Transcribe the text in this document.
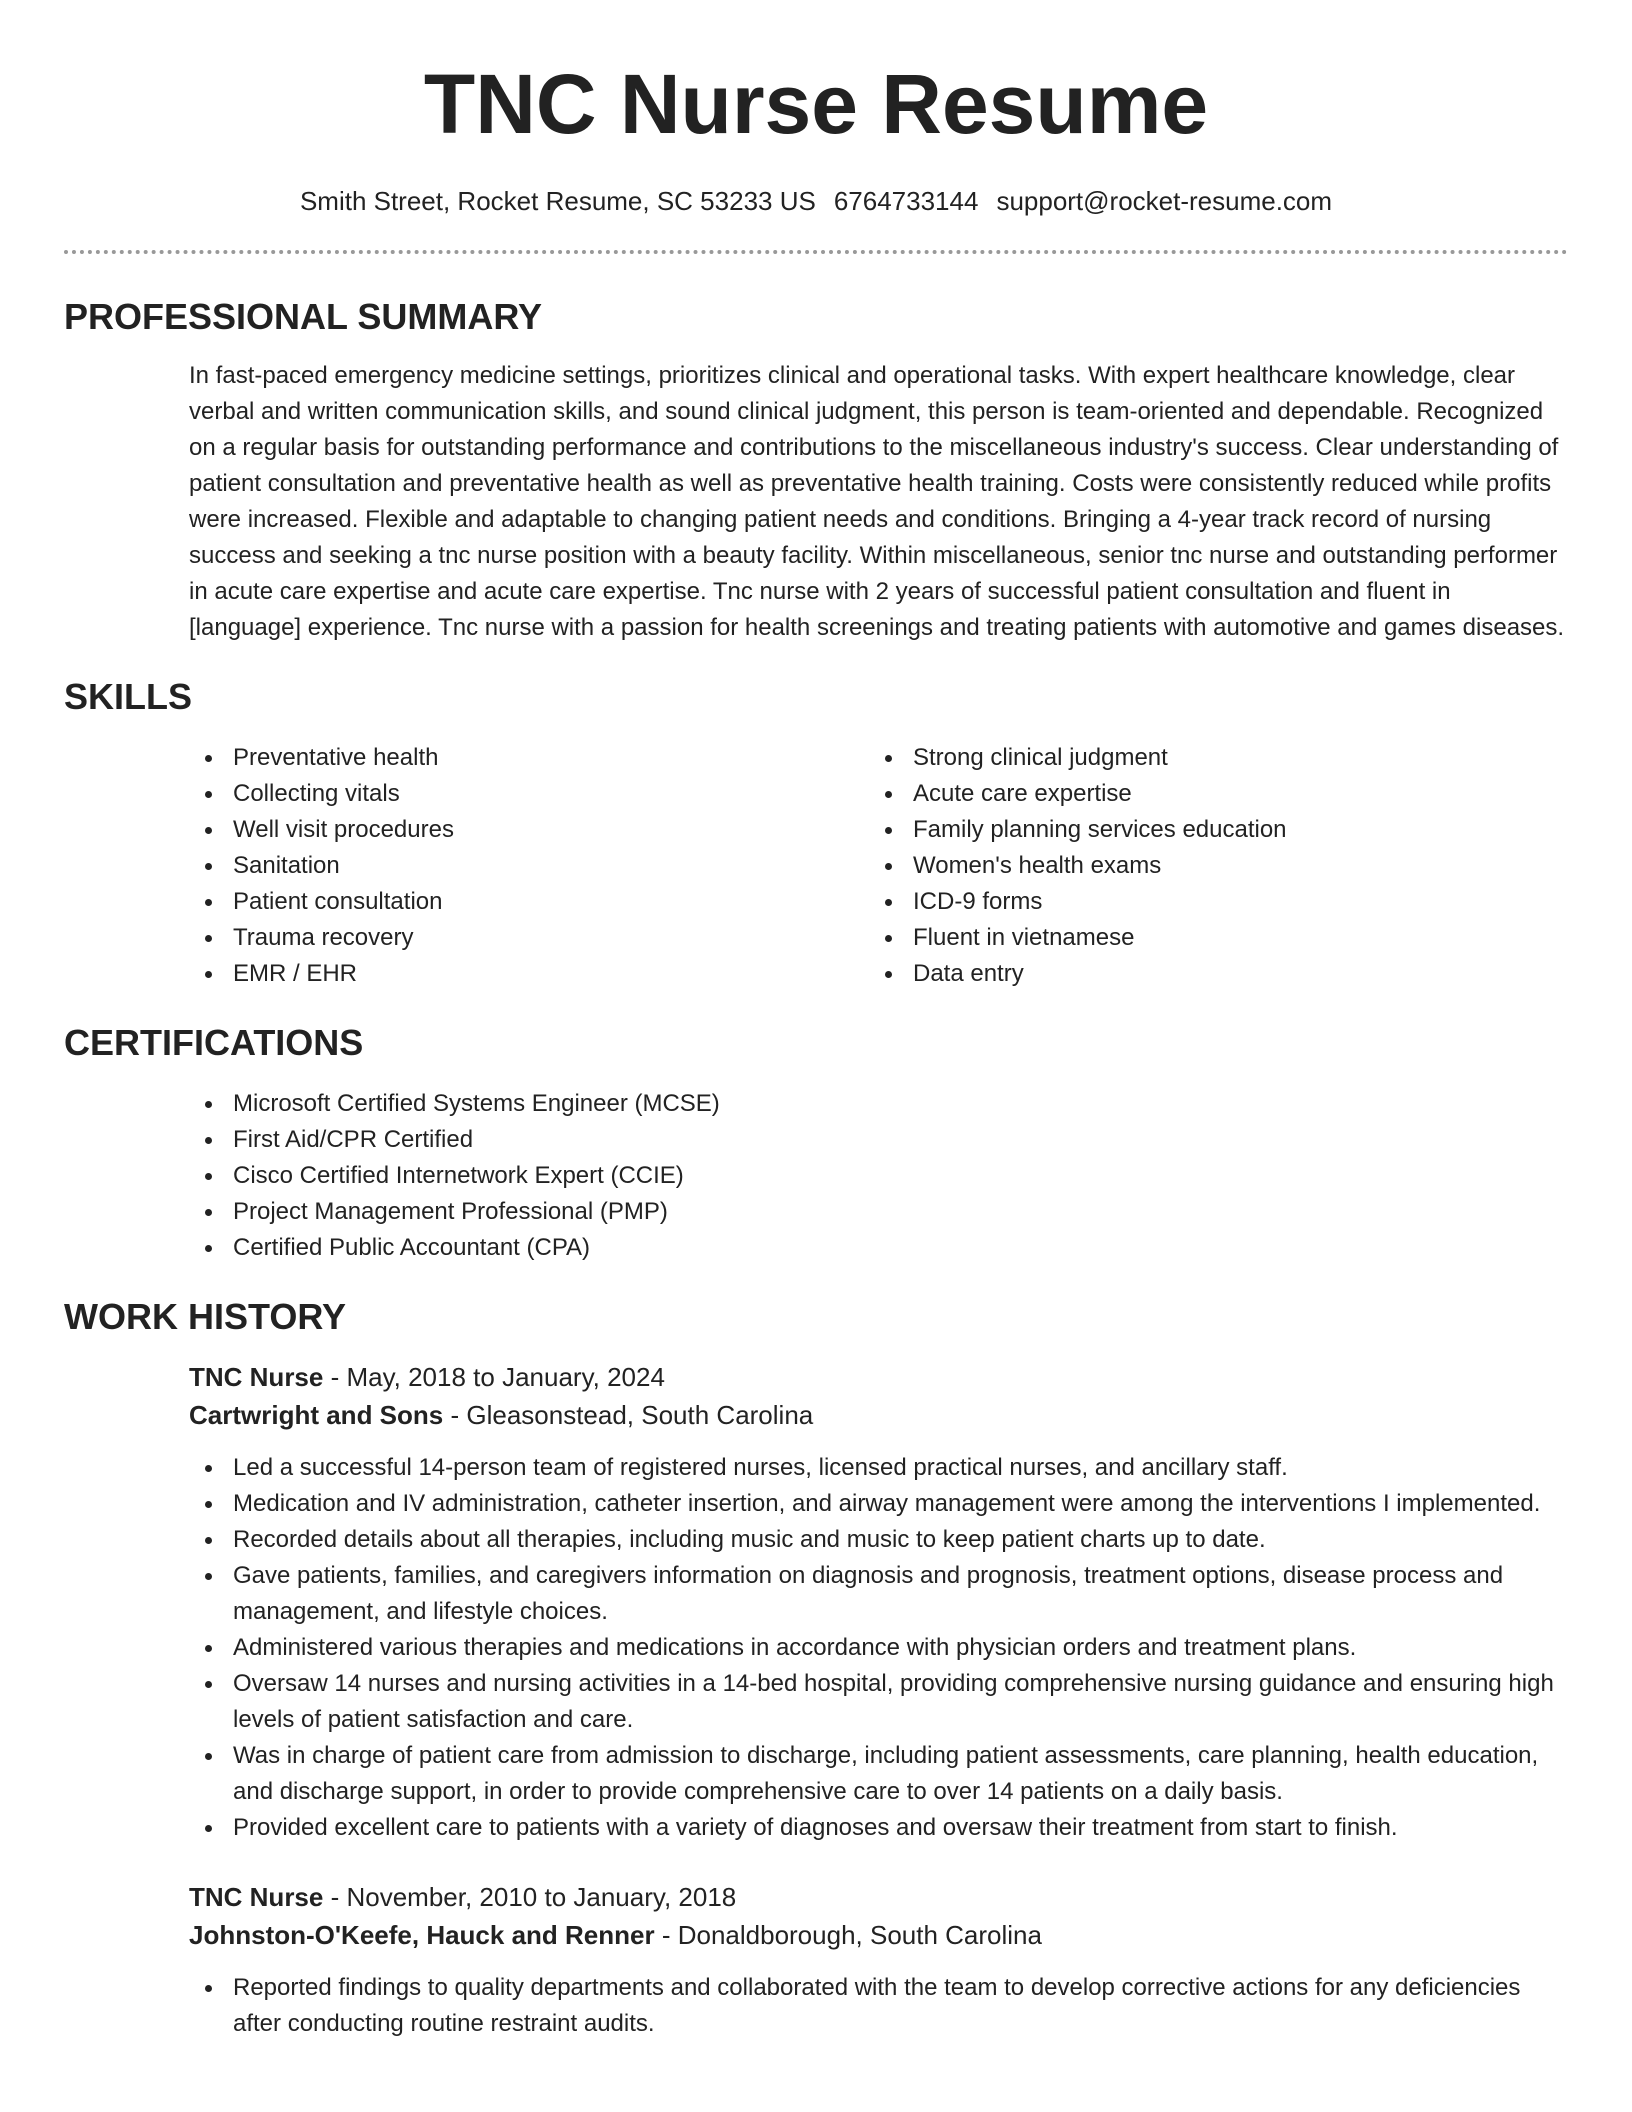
TNC Nurse Resume
Smith Street, Rocket Resume, SC 53233 US 6764733144 support@rocket-resume.com
PROFESSIONAL SUMMARY

In fast-paced emergency medicine settings, prioritizes clinical and operational tasks. With expert healthcare knowledge, clear verbal and written communication skills, and sound clinical judgment, this person is team-oriented and dependable. Recognized on a regular basis for outstanding performance and contributions to the miscellaneous industry's success. Clear understanding of patient consultation and preventative health as well as preventative health training. Costs were consistently reduced while profits were increased. Flexible and adaptable to changing patient needs and conditions. Bringing a 4-year track record of nursing success and seeking a tnc nurse position with a beauty facility. Within miscellaneous, senior tnc nurse and outstanding performer in acute care expertise and acute care expertise. Tnc nurse with 2 years of successful patient consultation and fluent in [language] experience. Tnc nurse with a passion for health screenings and treating patients with automotive and games diseases.

SKILLS
Preventative health
Collecting vitals
Well visit procedures
Sanitation
Patient consultation
Trauma recovery
EMR / EHR
Strong clinical judgment
Acute care expertise
Family planning services education
Women's health exams
ICD-9 forms
Fluent in vietnamese
Data entry
CERTIFICATIONS
Microsoft Certified Systems Engineer (MCSE)
First Aid/CPR Certified
Cisco Certified Internetwork Expert (CCIE)
Project Management Professional (PMP)
Certified Public Accountant (CPA)
WORK HISTORY
TNC Nurse - May, 2018 to January, 2024
Cartwright and Sons - Gleasonstead, South Carolina
Led a successful 14-person team of registered nurses, licensed practical nurses, and ancillary staff.
Medication and IV administration, catheter insertion, and airway management were among the interventions I implemented.
Recorded details about all therapies, including music and music to keep patient charts up to date.
Gave patients, families, and caregivers information on diagnosis and prognosis, treatment options, disease process and management, and lifestyle choices.
Administered various therapies and medications in accordance with physician orders and treatment plans.
Oversaw 14 nurses and nursing activities in a 14-bed hospital, providing comprehensive nursing guidance and ensuring high levels of patient satisfaction and care.
Was in charge of patient care from admission to discharge, including patient assessments, care planning, health education, and discharge support, in order to provide comprehensive care to over 14 patients on a daily basis.
Provided excellent care to patients with a variety of diagnoses and oversaw their treatment from start to finish.
TNC Nurse - November, 2010 to January, 2018
Johnston-O'Keefe, Hauck and Renner - Donaldborough, South Carolina
Reported findings to quality departments and collaborated with the team to develop corrective actions for any deficiencies after conducting routine restraint audits.
